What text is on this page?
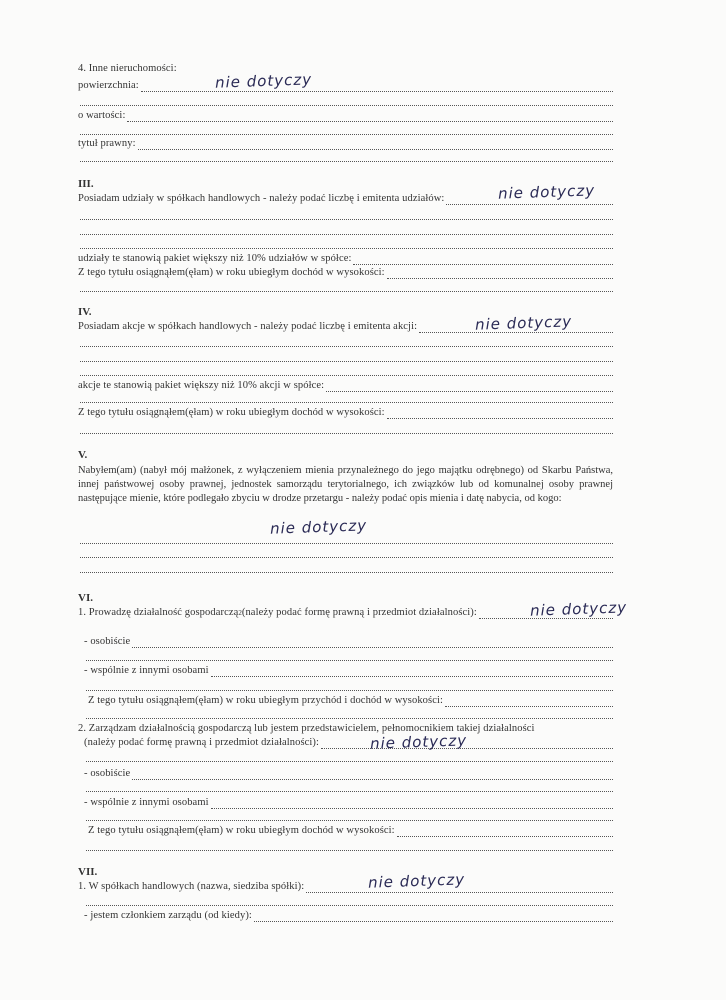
4. Inne nieruchomości:
powierzchnia:	nie dotyczy
o wartości:
tytuł prawny:
III.
Posiadam udziały w spółkach handlowych - należy podać liczbę i emitenta udziałów:	nie dotyczy
udziały te stanowią pakiet większy niż 10% udziałów w spółce:
Z tego tytułu osiągnąłem(ęłam) w roku ubiegłym dochód w wysokości:
IV.
Posiadam akcje w spółkach handlowych - należy podać liczbę i emitenta akcji:	nie dotyczy
akcje te stanowią pakiet większy niż 10% akcji w spółce:
Z tego tytułu osiągnąłem(ęłam) w roku ubiegłym dochód w wysokości:
V.
Nabyłem(am) (nabył mój małżonek, z wyłączeniem mienia przynależnego do jego majątku odrębnego) od Skarbu Państwa, innej państwowej osoby prawnej, jednostek samorządu terytorialnego, ich związków lub od komunalnej osoby prawnej następujące mienie, które podlegało zbyciu w drodze przetargu - należy podać opis mienia i datę nabycia, od kogo:
nie dotyczy
VI.
1. Prowadzę działalność gospodarczą 2 (należy podać formę prawną i przedmiot działalności):	nie dotyczy
- osobiście
- wspólnie z innymi osobami
Z tego tytułu osiągnąłem(ęłam) w roku ubiegłym przychód i dochód w wysokości:
2. Zarządzam działalnością gospodarczą lub jestem przedstawicielem, pełnomocnikiem takiej działalności
(należy podać formę prawną i przedmiot działalności):	nie dotyczy
- osobiście
- wspólnie z innymi osobami
Z tego tytułu osiągnąłem(ęłam) w roku ubiegłym dochód w wysokości:
VII.
1. W spółkach handlowych (nazwa, siedziba spółki):	nie dotyczy
- jestem członkiem zarządu (od kiedy):
